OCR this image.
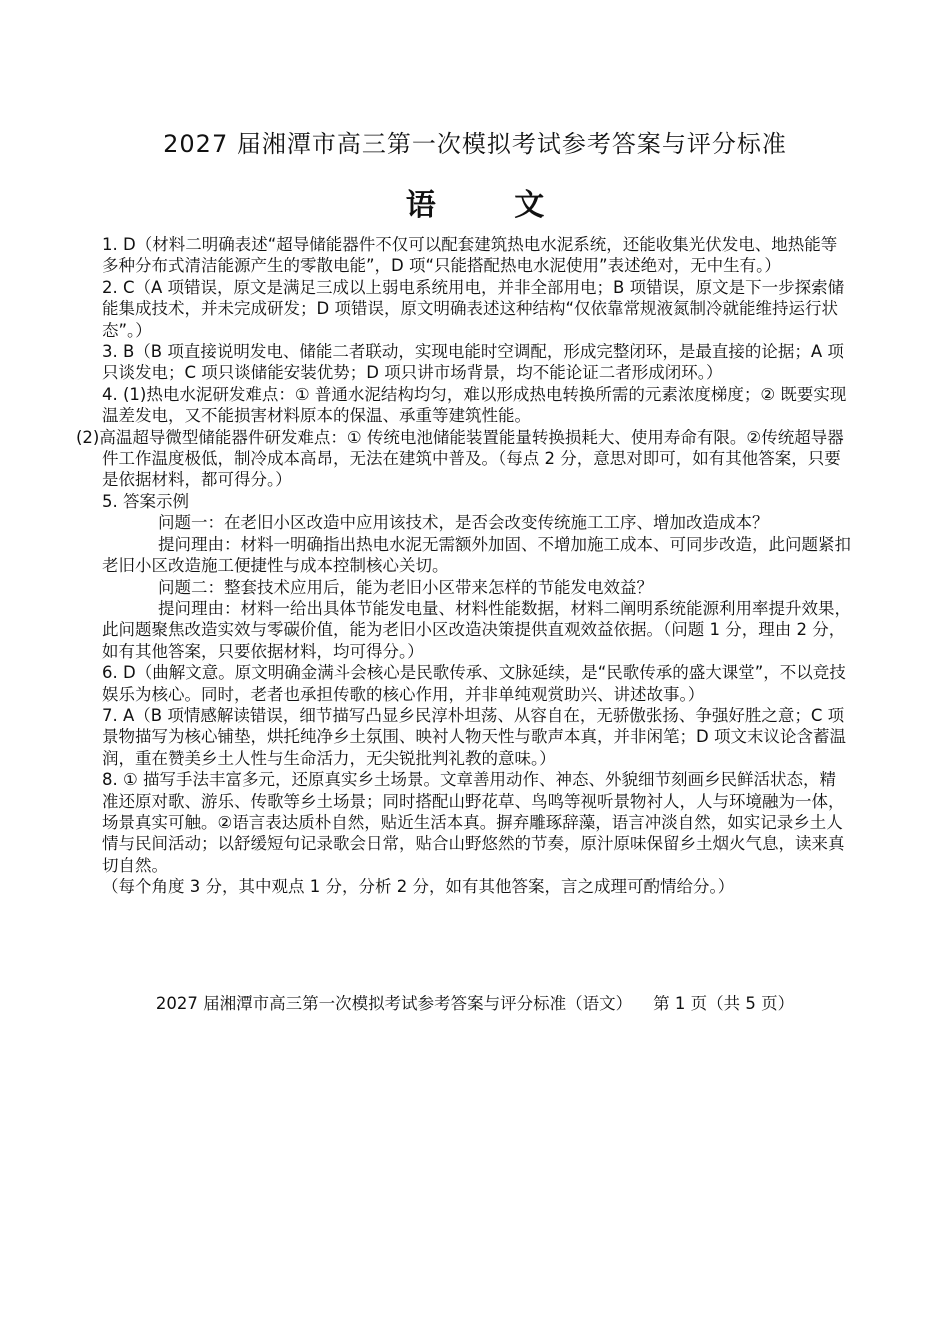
2027 届湘潭市高三第一次模拟考试参考答案与评分标准
语 文

1. D（材料二明确表述“超导储能器件不仅可以配套建筑热电水泥系统，还能收集光伏发电、地热能等多种分布式清洁能源产生的零散电能”，D 项“只能搭配热电水泥使用”表述绝对，无中生有。）

2. C（A 项错误，原文是满足三成以上弱电系统用电，并非全部用电；B 项错误，原文是下一步探索储能集成技术，并未完成研发；D 项错误，原文明确表述这种结构“仅依靠常规液氮制冷就能维持运行状态”。）

3. B（B 项直接说明发电、储能二者联动，实现电能时空调配，形成完整闭环，是最直接的论据；A 项只谈发电；C 项只谈储能安装优势；D 项只讲市场背景，均不能论证二者形成闭环。）

4. (1)热电水泥研发难点：① 普通水泥结构均匀，难以形成热电转换所需的元素浓度梯度；② 既要实现温差发电，又不能损害材料原本的保温、承重等建筑性能。

(2)高温超导微型储能器件研发难点：① 传统电池储能装置能量转换损耗大、使用寿命有限。②传统超导器件工作温度极低，制冷成本高昂，无法在建筑中普及。（每点 2 分，意思对即可，如有其他答案，只要是依据材料，都可得分。）

5. 答案示例

问题一：在老旧小区改造中应用该技术，是否会改变传统施工工序、增加改造成本？

提问理由：材料一明确指出热电水泥无需额外加固、不增加施工成本、可同步改造，此问题紧扣老旧小区改造施工便捷性与成本控制核心关切。

问题二：整套技术应用后，能为老旧小区带来怎样的节能发电效益？

提问理由：材料一给出具体节能发电量、材料性能数据，材料二阐明系统能源利用率提升效果，此问题聚焦改造实效与零碳价值，能为老旧小区改造决策提供直观效益依据。（问题 1 分，理由 2 分，如有其他答案，只要依据材料，均可得分。）

6. D（曲解文意。原文明确金满斗会核心是民歌传承、文脉延续，是“民歌传承的盛大课堂”，不以竞技娱乐为核心。同时，老者也承担传歌的核心作用，并非单纯观赏助兴、讲述故事。）

7. A（B 项情感解读错误，细节描写凸显乡民淳朴坦荡、从容自在，无骄傲张扬、争强好胜之意；C 项景物描写为核心铺垫，烘托纯净乡土氛围、映衬人物天性与歌声本真，并非闲笔；D 项文末议论含蓄温润，重在赞美乡土人性与生命活力，无尖锐批判礼教的意味。）

8. ① 描写手法丰富多元，还原真实乡土场景。文章善用动作、神态、外貌细节刻画乡民鲜活状态，精准还原对歌、游乐、传歌等乡土场景；同时搭配山野花草、鸟鸣等视听景物衬人，人与环境融为一体，场景真实可触。②语言表达质朴自然，贴近生活本真。摒弃雕琢辞藻，语言冲淡自然，如实记录乡土人情与民间活动；以舒缓短句记录歌会日常，贴合山野悠然的节奏，原汁原味保留乡土烟火气息，读来真切自然。

（每个角度 3 分，其中观点 1 分，分析 2 分，如有其他答案，言之成理可酌情给分。）

2027 届湘潭市高三第一次模拟考试参考答案与评分标准（语文）    第 1 页（共 5 页）
